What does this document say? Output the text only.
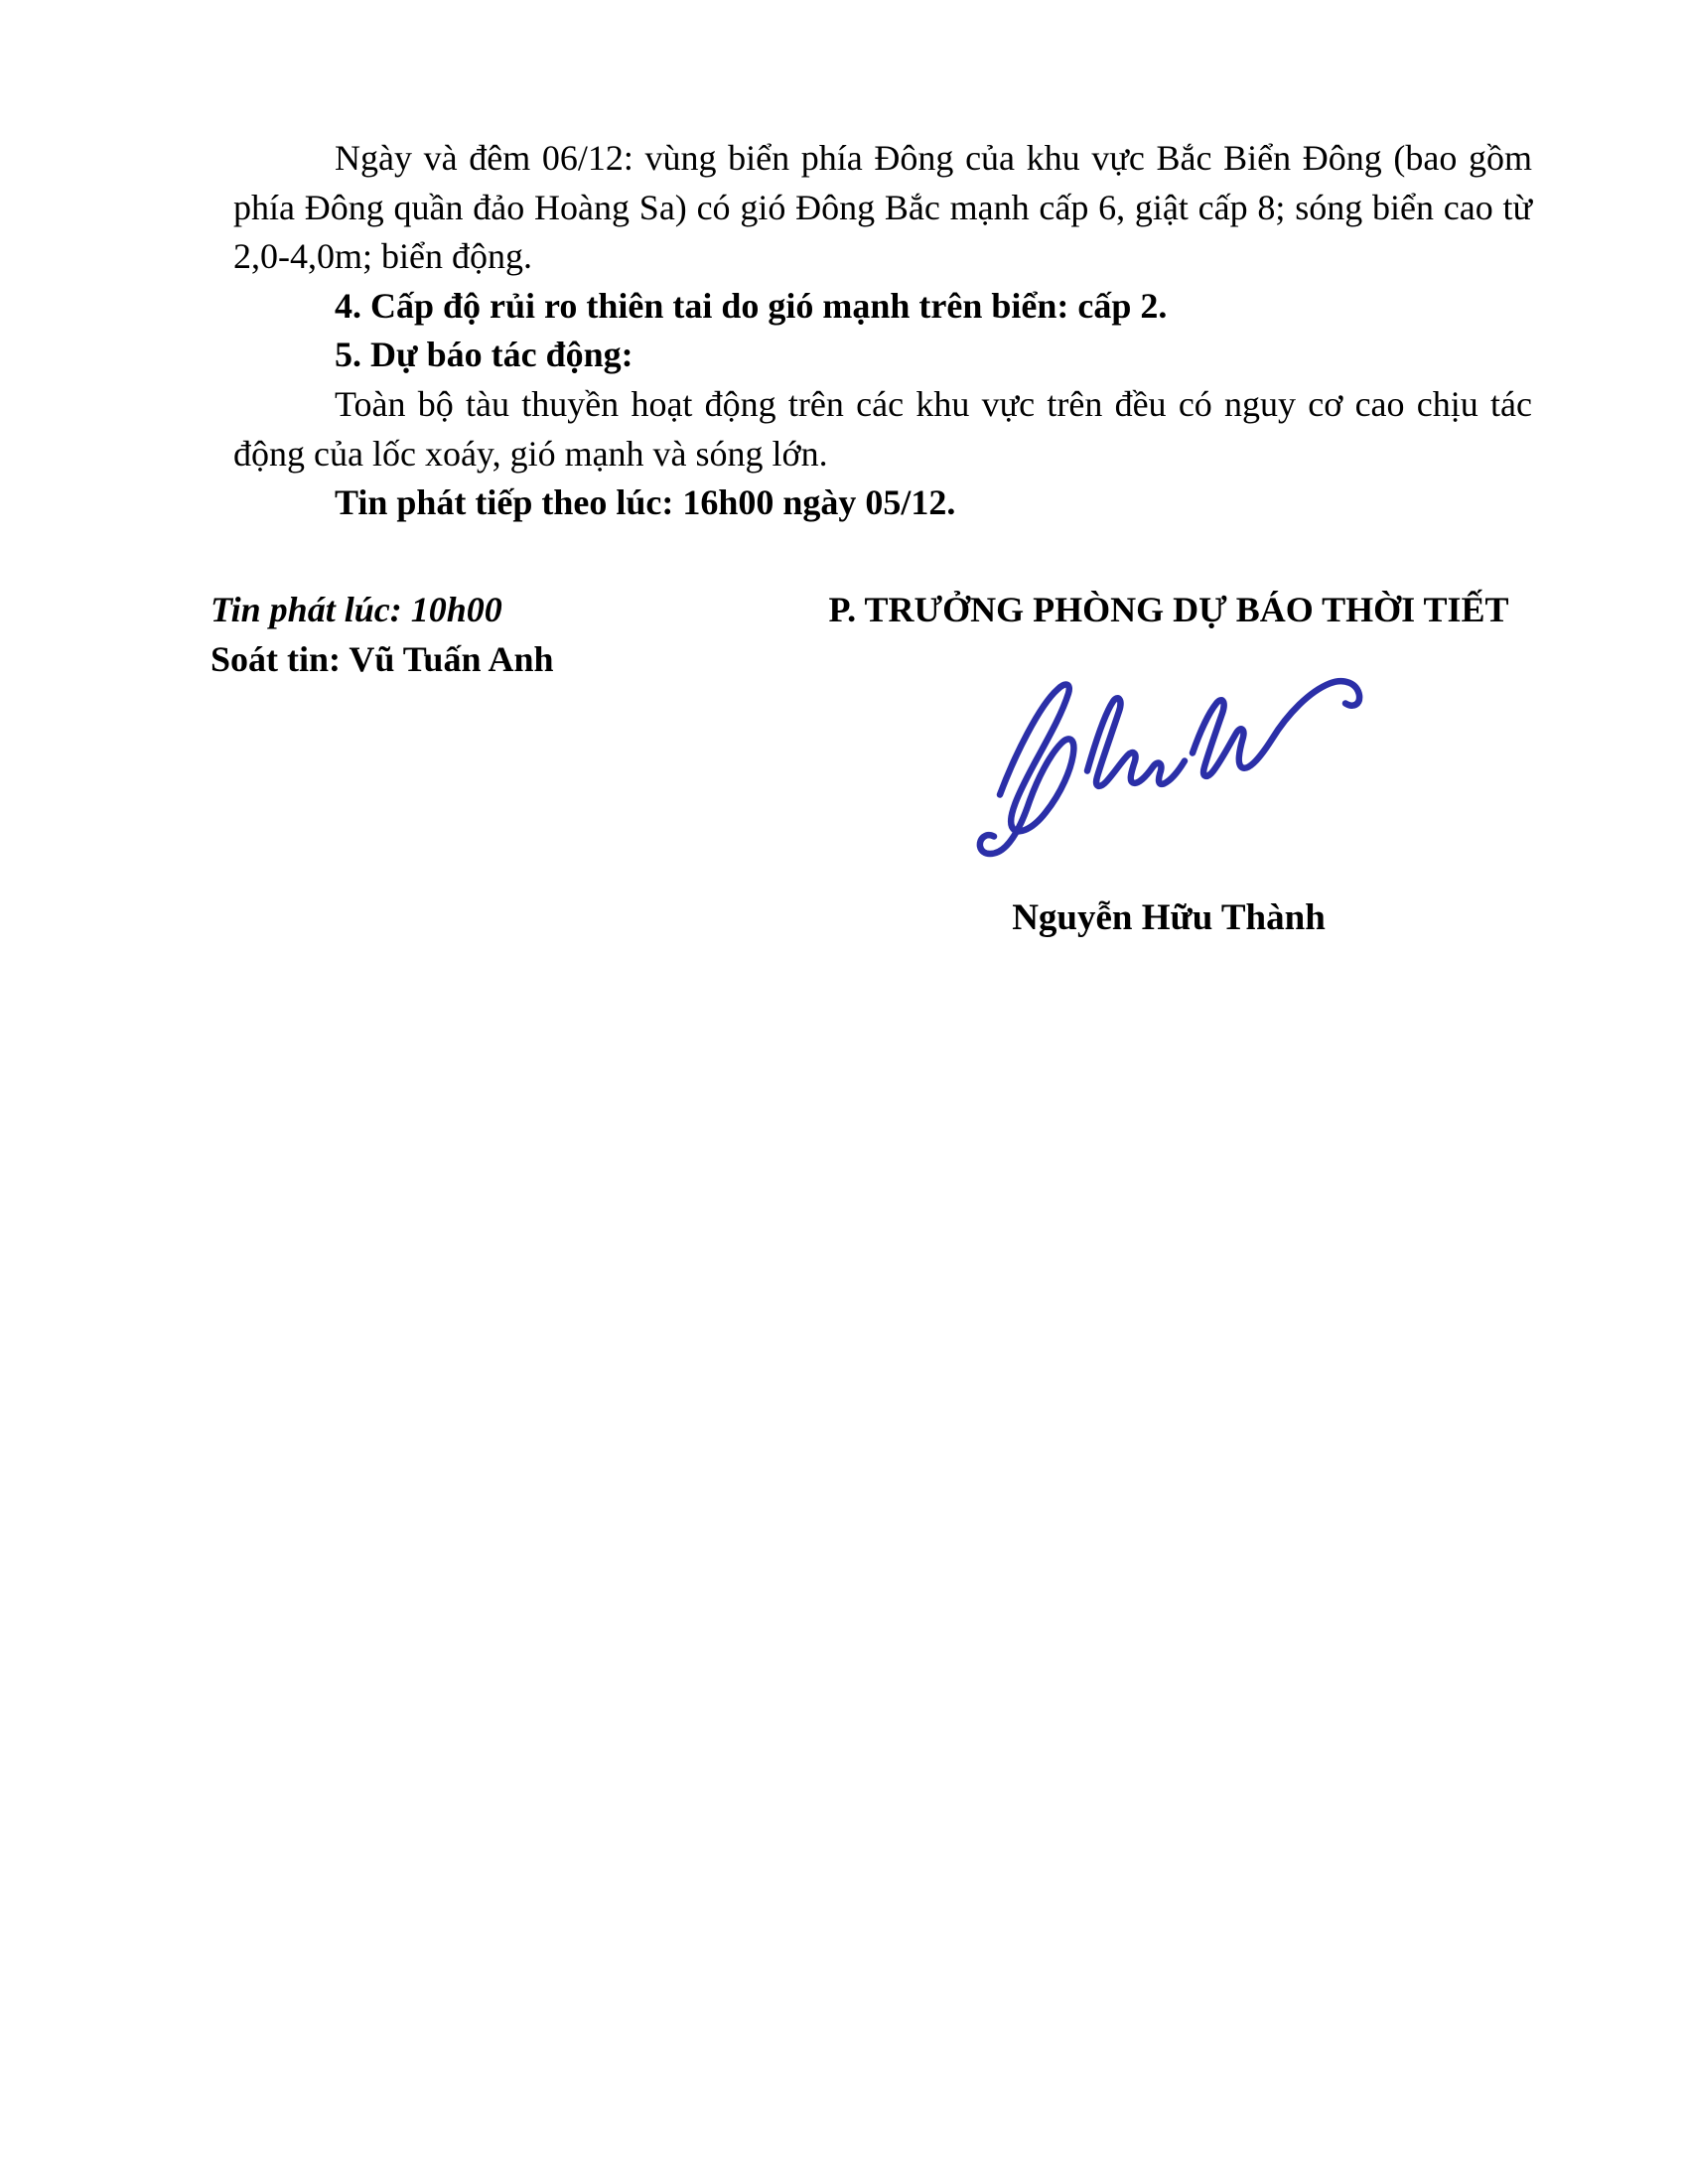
Ngày và đêm 06/12: vùng biển phía Đông của khu vực Bắc Biển Đông (bao gồm
phía Đông quần đảo Hoàng Sa) có gió Đông Bắc mạnh cấp 6, giật cấp 8; sóng biển cao từ
2,0-4,0m; biển động.
4. Cấp độ rủi ro thiên tai do gió mạnh trên biển: cấp 2.
5. Dự báo tác động:
Toàn bộ tàu thuyền hoạt động trên các khu vực trên đều có nguy cơ cao chịu tác
động của lốc xoáy, gió mạnh và sóng lớn.
Tin phát tiếp theo lúc: 16h00 ngày 05/12.
Tin phát lúc: 10h00
Soát tin: Vũ Tuấn Anh
P. TRƯỞNG PHÒNG DỰ BÁO THỜI TIẾT
Nguyễn Hữu Thành
